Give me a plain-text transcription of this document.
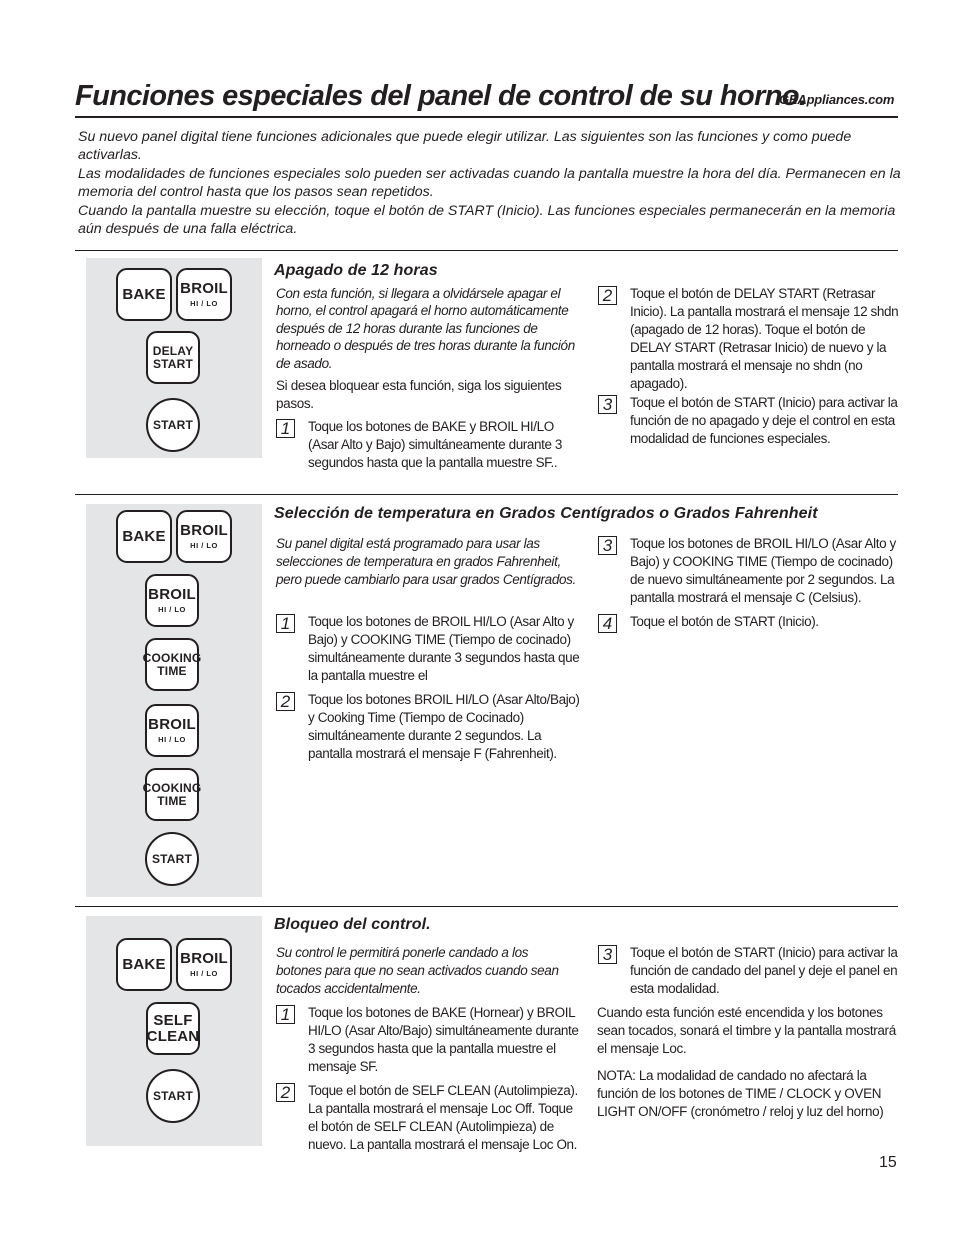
Funciones especiales del panel de control de su horno.
GEAppliances.com

Su nuevo panel digital tiene funciones adicionales que puede elegir utilizar. Las siguientes son las funciones y como puede activarlas.

Las modalidades de funciones especiales solo pueden ser activadas cuando la pantalla muestre la hora del día. Permanecen en la memoria del control hasta que los pasos sean repetidos.

Cuando la pantalla muestre su elección, toque el botón de START (Inicio). Las funciones especiales permanecerán en la memoria aún después de una falla eléctrica.

BAKE BROIL
HI / LO
DELAY
START
START
Apagado de 12 horas
Con esta función, si llegara a olvidársele apagar el horno, el control apagará el horno automáticamente después de 12 horas durante las funciones de horneado o después de tres horas durante la función de asado.
Si desea bloquear esta función, siga los siguientes pasos.
1	Toque los botones de BAKE y BROIL HI/LO (Asar Alto y Bajo) simultáneamente durante 3 segundos hasta que la pantalla muestre SF..
2	Toque el botón de DELAY START (Retrasar Inicio). La pantalla mostrará el mensaje 12 shdn (apagado de 12 horas). Toque el botón de DELAY START (Retrasar Inicio) de nuevo y la pantalla mostrará el mensaje no shdn (no apagado).
3	Toque el botón de START (Inicio) para activar la función de no apagado y deje el control en esta modalidad de funciones especiales.
BAKE BROIL
HI / LO
BROIL
HI / LO
COOKING
TIME
BROIL
HI / LO
COOKING
TIME
START
Selección de temperatura en Grados Centígrados o Grados Fahrenheit
Su panel digital está programado para usar las selecciones de temperatura en grados Fahrenheit, pero puede cambiarlo para usar grados Centígrados.
1	Toque los botones de BROIL HI/LO (Asar Alto y Bajo) y COOKING TIME (Tiempo de cocinado) simultáneamente durante 3 segundos hasta que la pantalla muestre el
2	Toque los botones BROIL HI/LO (Asar Alto/Bajo) y Cooking Time (Tiempo de Cocinado) simultáneamente durante 2 segundos. La pantalla mostrará el mensaje F (Fahrenheit).
3	Toque los botones de BROIL HI/LO (Asar Alto y Bajo) y COOKING TIME (Tiempo de cocinado) de nuevo simultáneamente por 2 segundos. La pantalla mostrará el mensaje C (Celsius).
4	Toque el botón de START (Inicio).
BAKE BROIL
HI / LO
SELF
CLEAN
START
Bloqueo del control.
Su control le permitirá ponerle candado a los botones para que no sean activados cuando sean tocados accidentalmente.
1	Toque los botones de BAKE (Hornear) y BROIL HI/LO (Asar Alto/Bajo) simultáneamente durante 3 segundos hasta que la pantalla muestre el mensaje SF.
2	Toque el botón de SELF CLEAN (Autolimpieza). La pantalla mostrará el mensaje Loc Off. Toque el botón de SELF CLEAN (Autolimpieza) de nuevo. La pantalla mostrará el mensaje Loc On.
3	Toque el botón de START (Inicio) para activar la función de candado del panel y deje el panel en esta modalidad.
Cuando esta función esté encendida y los botones sean tocados, sonará el timbre y la pantalla mostrará el mensaje Loc.
NOTA: La modalidad de candado no afectará la función de los botones de TIME / CLOCK y OVEN LIGHT ON/OFF (cronómetro / reloj y luz del horno)
15
